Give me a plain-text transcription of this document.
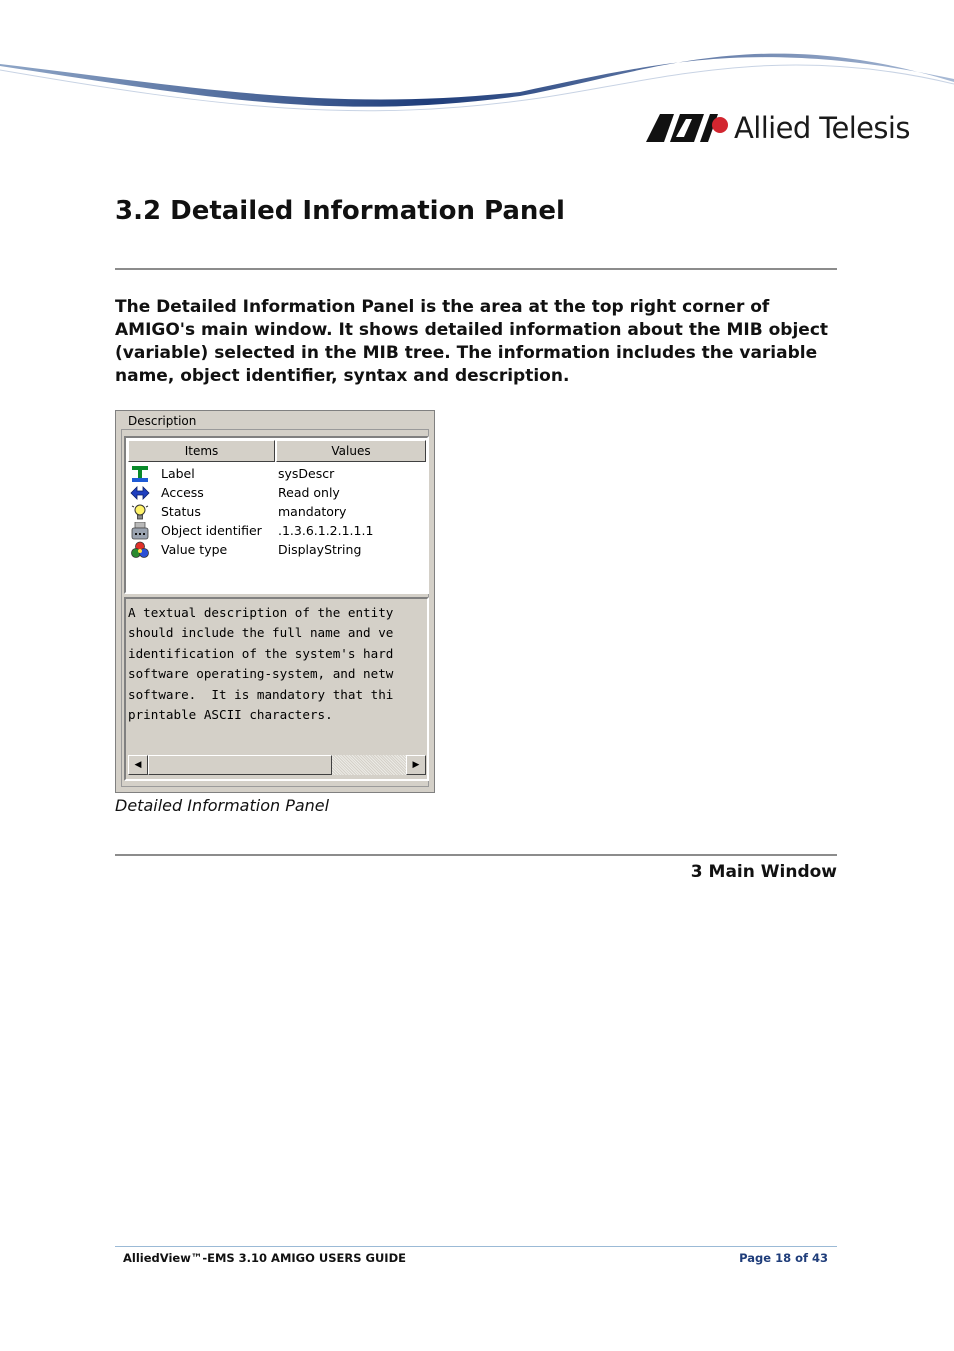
Allied Telesis
3.2 Detailed Information Panel

The Detailed Information Panel is the area at the top right corner of AMIGO's main window. It shows detailed information about the MIB object (variable) selected in the MIB tree. The information includes the variable name, object identifier, syntax and description.

Description
Items	Values
Label	sysDescr
Access	Read only
Status	mandatory
Object identifier .1.3.6.1.2.1.1.1
Value type	DisplayString
A textual description of the entity
should include the full name and ve
identification of the system's hard
software operating-system, and netw
software.  It is mandatory that thi
printable ASCII characters.
◀	▶

Detailed Information Panel

3 Main Window

AlliedView™-EMS 3.10 AMIGO USERS GUIDE	Page 18 of 43
